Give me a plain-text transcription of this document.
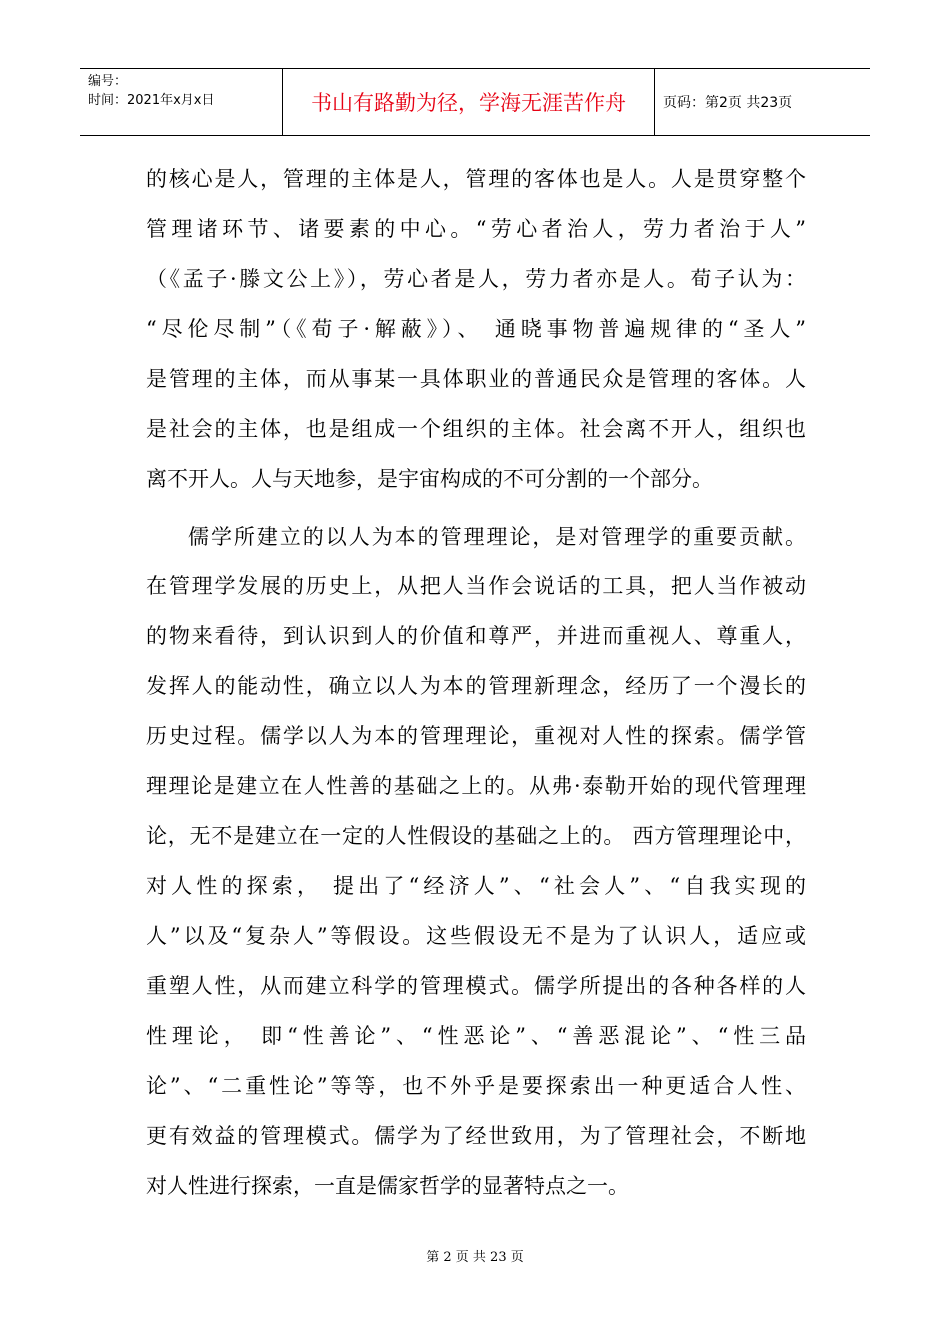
编号：
时间：2021年x月x日	书山有路勤为径，学海无涯苦作舟	页码：第2页 共23页
的核心是人，管理的主体是人，管理的客体也是人。人是贯穿整个
管理诸环节、诸要素的中心。“劳心者治人，劳力者治于人”
（《孟子·滕文公上》），劳心者是人，劳力者亦是人。荀子认为：
“尽伦尽制”（《荀子·解蔽》）、 通晓事物普遍规律的“圣人”
是管理的主体，而从事某一具体职业的普通民众是管理的客体。人
是社会的主体，也是组成一个组织的主体。社会离不开人，组织也
离不开人。人与天地参，是宇宙构成的不可分割的一个部分。
儒学所建立的以人为本的管理理论，是对管理学的重要贡献。
在管理学发展的历史上，从把人当作会说话的工具，把人当作被动
的物来看待，到认识到人的价值和尊严，并进而重视人、尊重人，
发挥人的能动性，确立以人为本的管理新理念，经历了一个漫长的
历史过程。儒学以人为本的管理理论，重视对人性的探索。儒学管
理理论是建立在人性善的基础之上的。从弗·泰勒开始的现代管理理
论，无不是建立在一定的人性假设的基础之上的。 西方管理理论中，
对人性的探索， 提出了“经济人”、“社会人”、“自我实现的
人”以及“复杂人”等假设。这些假设无不是为了认识人，适应或
重塑人性，从而建立科学的管理模式。儒学所提出的各种各样的人
性理论， 即“性善论”、“性恶论”、“善恶混论”、“性三品
论”、“二重性论”等等，也不外乎是要探索出一种更适合人性、
更有效益的管理模式。儒学为了经世致用，为了管理社会，不断地
对人性进行探索，一直是儒家哲学的显著特点之一。
第 2 页 共 23 页
